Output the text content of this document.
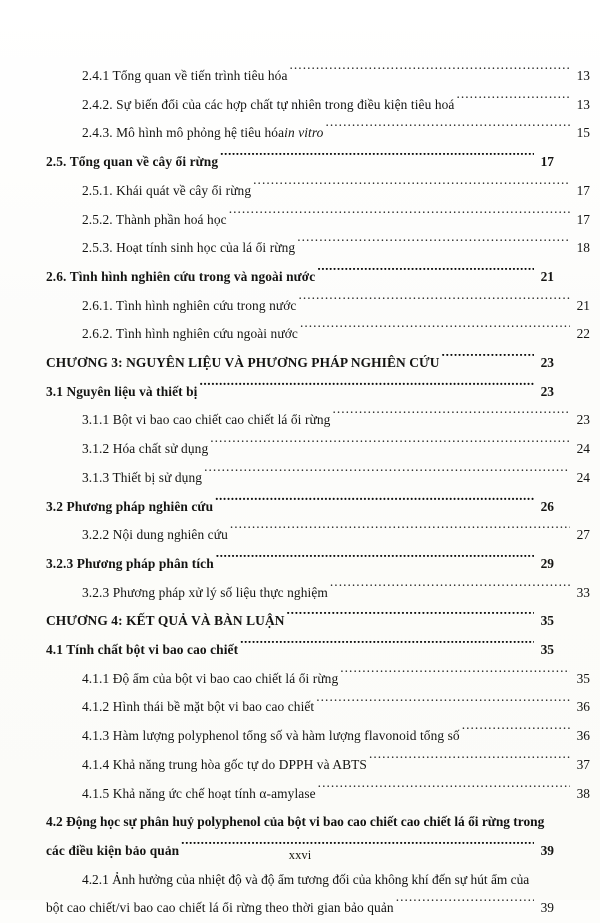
2.4.1 Tổng quan về tiến trình tiêu hóa .....	13
2.4.2. Sự biến đổi của các hợp chất tự nhiên trong điều kiện tiêu hoá .....	13
2.4.3. Mô hình mô phỏng hệ tiêu hóa in vitro .....	15
2.5. Tổng quan về cây ổi rừng .....	17
2.5.1. Khái quát về cây ổi rừng .....	17
2.5.2. Thành phần hoá học .....	17
2.5.3. Hoạt tính sinh học của lá ổi rừng .....	18
2.6. Tình hình nghiên cứu trong và ngoài nước .....	21
2.6.1. Tình hình nghiên cứu trong nước .....	21
2.6.2. Tình hình nghiên cứu ngoài nước .....	22
CHƯƠNG 3: NGUYÊN LIỆU VÀ PHƯƠNG PHÁP NGHIÊN CỨU .....	23
3.1 Nguyên liệu và thiết bị .....	23
3.1.1 Bột vi bao cao chiết cao chiết lá ổi rừng .....	23
3.1.2 Hóa chất sử dụng .....	24
3.1.3 Thiết bị sử dụng .....	24
3.2 Phương pháp nghiên cứu .....	26
3.2.2 Nội dung nghiên cứu .....	27
3.2.3 Phương pháp phân tích .....	29
3.2.3 Phương pháp xử lý số liệu thực nghiệm .....	33
CHƯƠNG 4: KẾT QUẢ VÀ BÀN LUẬN .....	35
4.1 Tính chất bột vi bao cao chiết .....	35
4.1.1 Độ ẩm của bột vi bao cao chiết lá ổi rừng .....	35
4.1.2 Hình thái bề mặt bột vi bao cao chiết .....	36
4.1.3 Hàm lượng polyphenol tổng số và hàm lượng flavonoid tổng số .....	36
4.1.4 Khả năng trung hòa gốc tự do DPPH và ABTS .....	37
4.1.5 Khả năng ức chế hoạt tính α-amylase .....	38
4.2 Động học sự phân huỷ polyphenol của bột vi bao cao chiết cao chiết lá ổi rừng trong
các điều kiện bảo quản .....	39
4.2.1 Ảnh hưởng của nhiệt độ và độ ẩm tương đối của không khí đến sự hút ẩm của
bột cao chiết/vi bao cao chiết lá ổi rừng theo thời gian bảo quản .....	39
xxvi
